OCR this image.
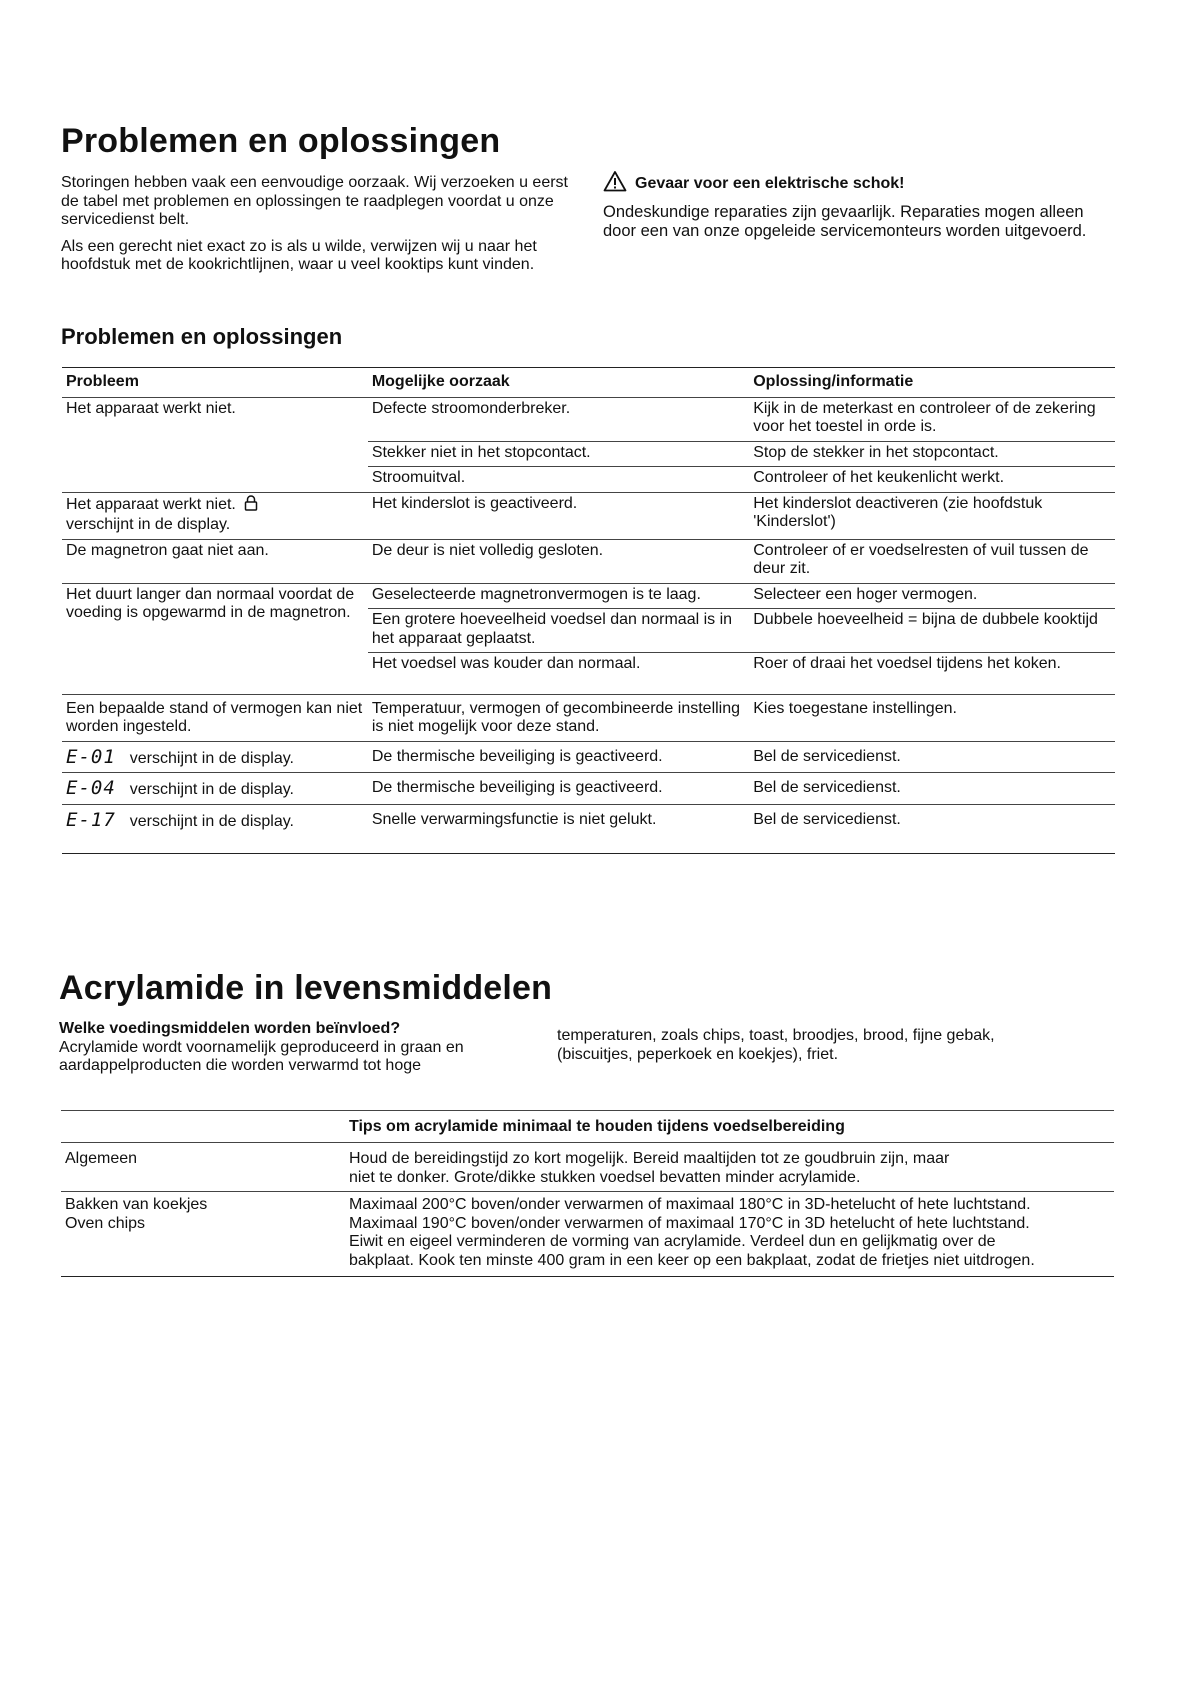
Problemen en oplossingen

Storingen hebben vaak een eenvoudige oorzaak. Wij verzoeken u eerst de tabel met problemen en oplossingen te raadplegen voordat u onze servicedienst belt.

Als een gerecht niet exact zo is als u wilde, verwijzen wij u naar het hoofdstuk met de kookrichtlijnen, waar u veel kooktips kunt vinden.

Gevaar voor een elektrische schok!

Ondeskundige reparaties zijn gevaarlijk. Reparaties mogen alleen door een van onze opgeleide servicemonteurs worden uitgevoerd.

Problemen en oplossingen
Probleem	Mogelijke oorzaak	Oplossing/informatie
Het apparaat werkt niet.	Defecte stroomonderbreker.	Kijk in de meterkast en controleer of de zekering voor het toestel in orde is.
	Stekker niet in het stopcontact.	Stop de stekker in het stopcontact.
	Stroomuitval.	Controleer of het keukenlicht werkt.
Het apparaat werkt niet.
verschijnt in de display.	Het kinderslot is geactiveerd.	Het kinderslot deactiveren (zie hoofdstuk 'Kinderslot')
De magnetron gaat niet aan.	De deur is niet volledig gesloten.	Controleer of er voedselresten of vuil tussen de deur zit.
Het duurt langer dan normaal voordat de voeding is opgewarmd in de magnetron.	Geselecteerde magnetronvermogen is te laag.	Selecteer een hoger vermogen.
	Een grotere hoeveelheid voedsel dan normaal is in het apparaat geplaatst.	Dubbele hoeveelheid = bijna de dubbele kooktijd
	Het voedsel was kouder dan normaal.	Roer of draai het voedsel tijdens het koken.
Een bepaalde stand of vermogen kan niet worden ingesteld.	Temperatuur, vermogen of gecombineerde instelling is niet mogelijk voor deze stand.	Kies toegestane instellingen.
E-01 verschijnt in de display.	De thermische beveiliging is geactiveerd.	Bel de servicedienst.
E-04 verschijnt in de display.	De thermische beveiliging is geactiveerd.	Bel de servicedienst.
E-17 verschijnt in de display.	Snelle verwarmingsfunctie is niet gelukt.	Bel de servicedienst.
Acrylamide in levensmiddelen

Welke voedingsmiddelen worden beïnvloed?

Acrylamide wordt voornamelijk geproduceerd in graan en aardappelproducten die worden verwarmd tot hoge

temperaturen, zoals chips, toast, broodjes, brood, fijne gebak, (biscuitjes, peperkoek en koekjes), friet.

	Tips om acrylamide minimaal te houden tijdens voedselbereiding

Algemeen	Houd de bereidingstijd zo kort mogelijk. Bereid maaltijden tot ze goudbruin zijn, maar
niet te donker. Grote/dikke stukken voedsel bevatten minder acrylamide.

Bakken van koekjes
Oven chips	Maximaal 200°C boven/onder verwarmen of maximaal 180°C in 3D-hetelucht of hete luchtstand.
Maximaal 190°C boven/onder verwarmen of maximaal 170°C in 3D hetelucht of hete luchtstand.
Eiwit en eigeel verminderen de vorming van acrylamide. Verdeel dun en gelijkmatig over de
bakplaat. Kook ten minste 400 gram in een keer op een bakplaat, zodat de frietjes niet uitdrogen.
